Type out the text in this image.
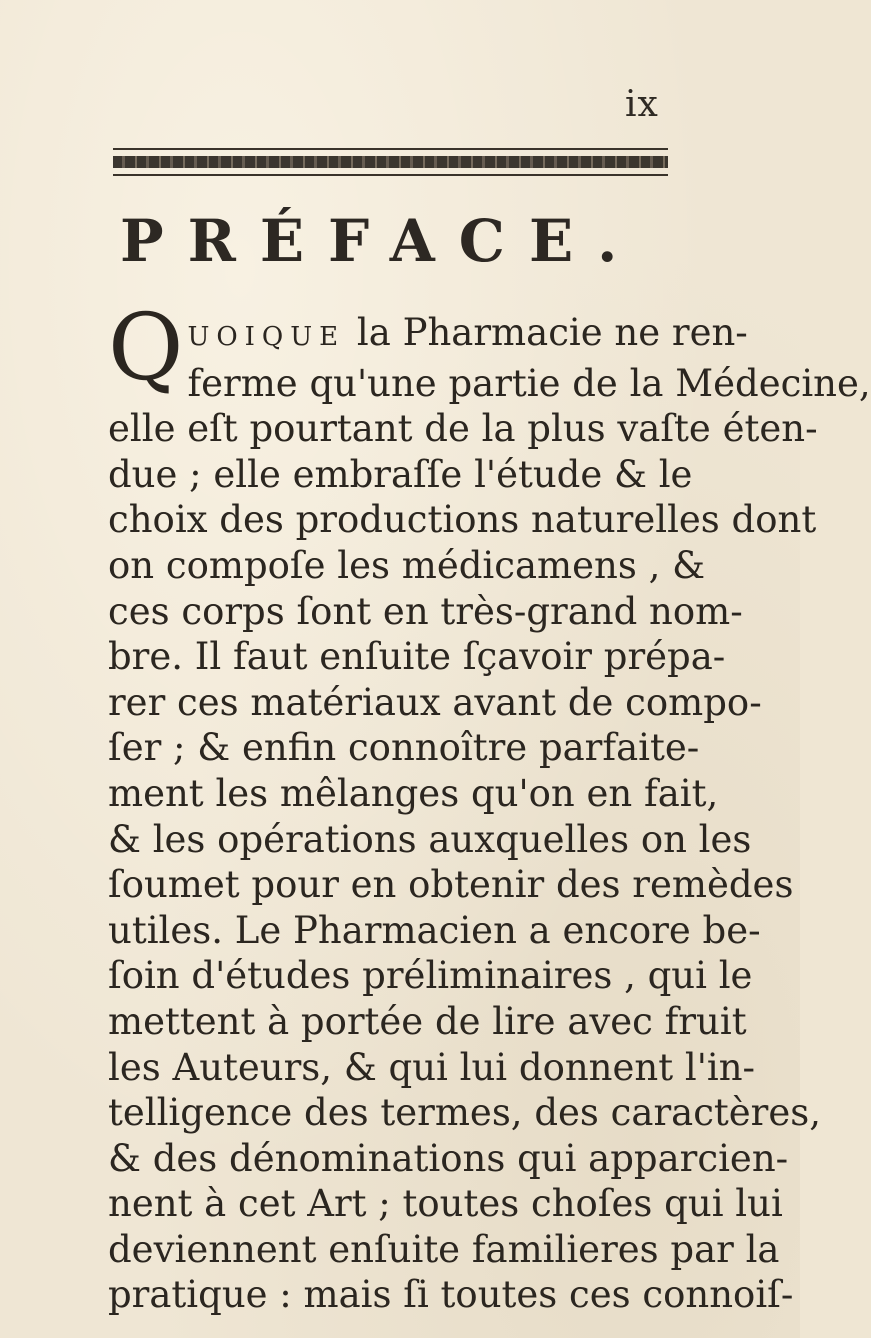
ix
PRÉFACE.
Q UOIQUE la Pharmacie ne ren-
ferme qu'une partie de la Médecine,
elle eſt pourtant de la plus vaſte éten-
due ; elle embraſſe l'étude & le
choix des productions naturelles dont
on compoſe les médicamens , &
ces corps ſont en très-grand nom-
bre. Il faut enſuite ſçavoir prépa-
rer ces matériaux avant de compo-
ſer ; & enfin connoître parfaite-
ment les mêlanges qu'on en fait,
& les opérations auxquelles on les
ſoumet pour en obtenir des remèdes
utiles. Le Pharmacien a encore be-
ſoin d'études préliminaires , qui le
mettent à portée de lire avec fruit
les Auteurs, & qui lui donnent l'in-
telligence des termes, des caractères,
& des dénominations qui apparcien-
nent à cet Art ; toutes choſes qui lui
deviennent enſuite familieres par la
pratique : mais ſi toutes ces connoiſ-
